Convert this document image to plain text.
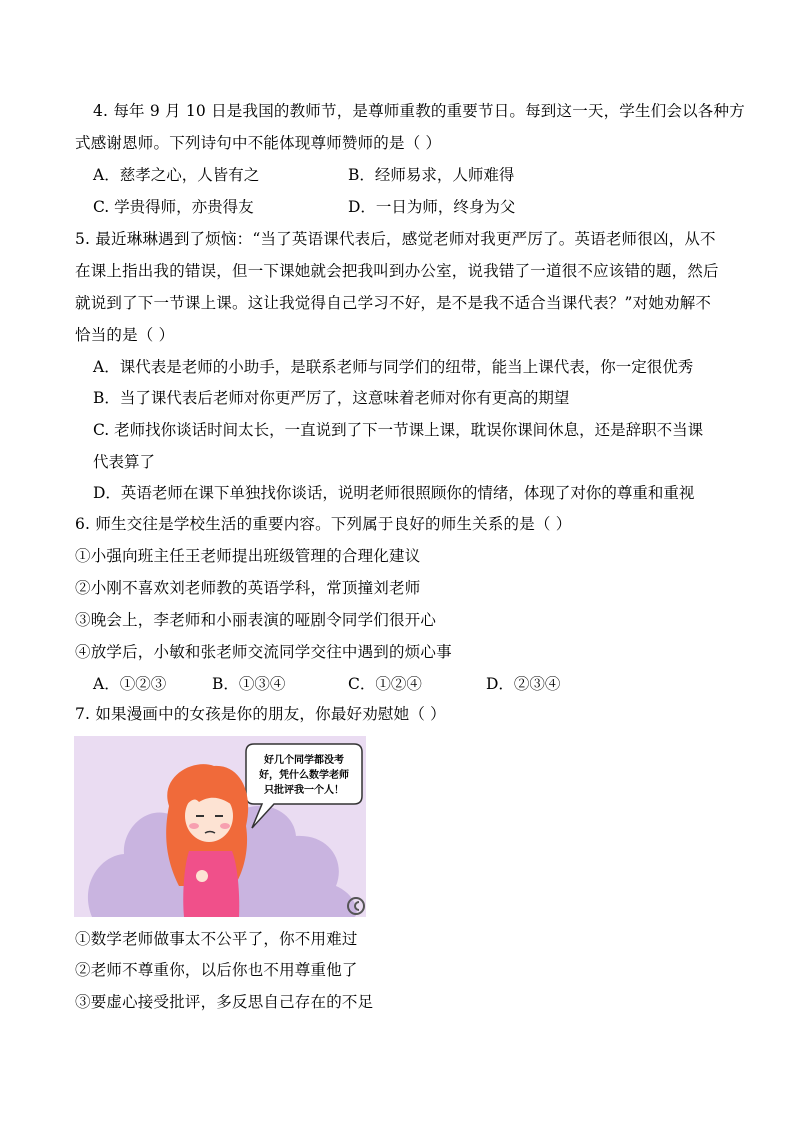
4. 每年 9 月 10 日是我国的教师节，是尊师重教的重要节日。每到这一天，学生们会以各种方
式感谢恩师。下列诗句中不能体现尊师赞师的是（ ）
A．慈孝之心，人皆有之	B．经师易求，人师难得
C. 学贵得师，亦贵得友	D．一日为师，终身为父
5. 最近琳琳遇到了烦恼：“当了英语课代表后，感觉老师对我更严厉了。英语老师很凶，从不
在课上指出我的错误，但一下课她就会把我叫到办公室，说我错了一道很不应该错的题，然后
就说到了下一节课上课。这让我觉得自己学习不好，是不是我不适合当课代表？”对她劝解不
恰当的是（ ）
A．课代表是老师的小助手，是联系老师与同学们的纽带，能当上课代表，你一定很优秀
B．当了课代表后老师对你更严厉了，这意味着老师对你有更高的期望
C. 老师找你谈话时间太长，一直说到了下一节课上课，耽误你课间休息，还是辞职不当课
代表算了
D．英语老师在课下单独找你谈话，说明老师很照顾你的情绪，体现了对你的尊重和重视
6. 师生交往是学校生活的重要内容。下列属于良好的师生关系的是（ ）
①小强向班主任王老师提出班级管理的合理化建议
②小刚不喜欢刘老师教的英语学科，常顶撞刘老师
③晚会上，李老师和小丽表演的哑剧令同学们很开心
④放学后，小敏和张老师交流同学交往中遇到的烦心事
A．①②③	B．①③④	C．①②④	D．②③④
7. 如果漫画中的女孩是你的朋友，你最好劝慰她（ ）
好几个同学都没考
好，凭什么数学老师
只批评我一个人！
①数学老师做事太不公平了，你不用难过
②老师不尊重你，以后你也不用尊重他了
③要虚心接受批评，多反思自己存在的不足
